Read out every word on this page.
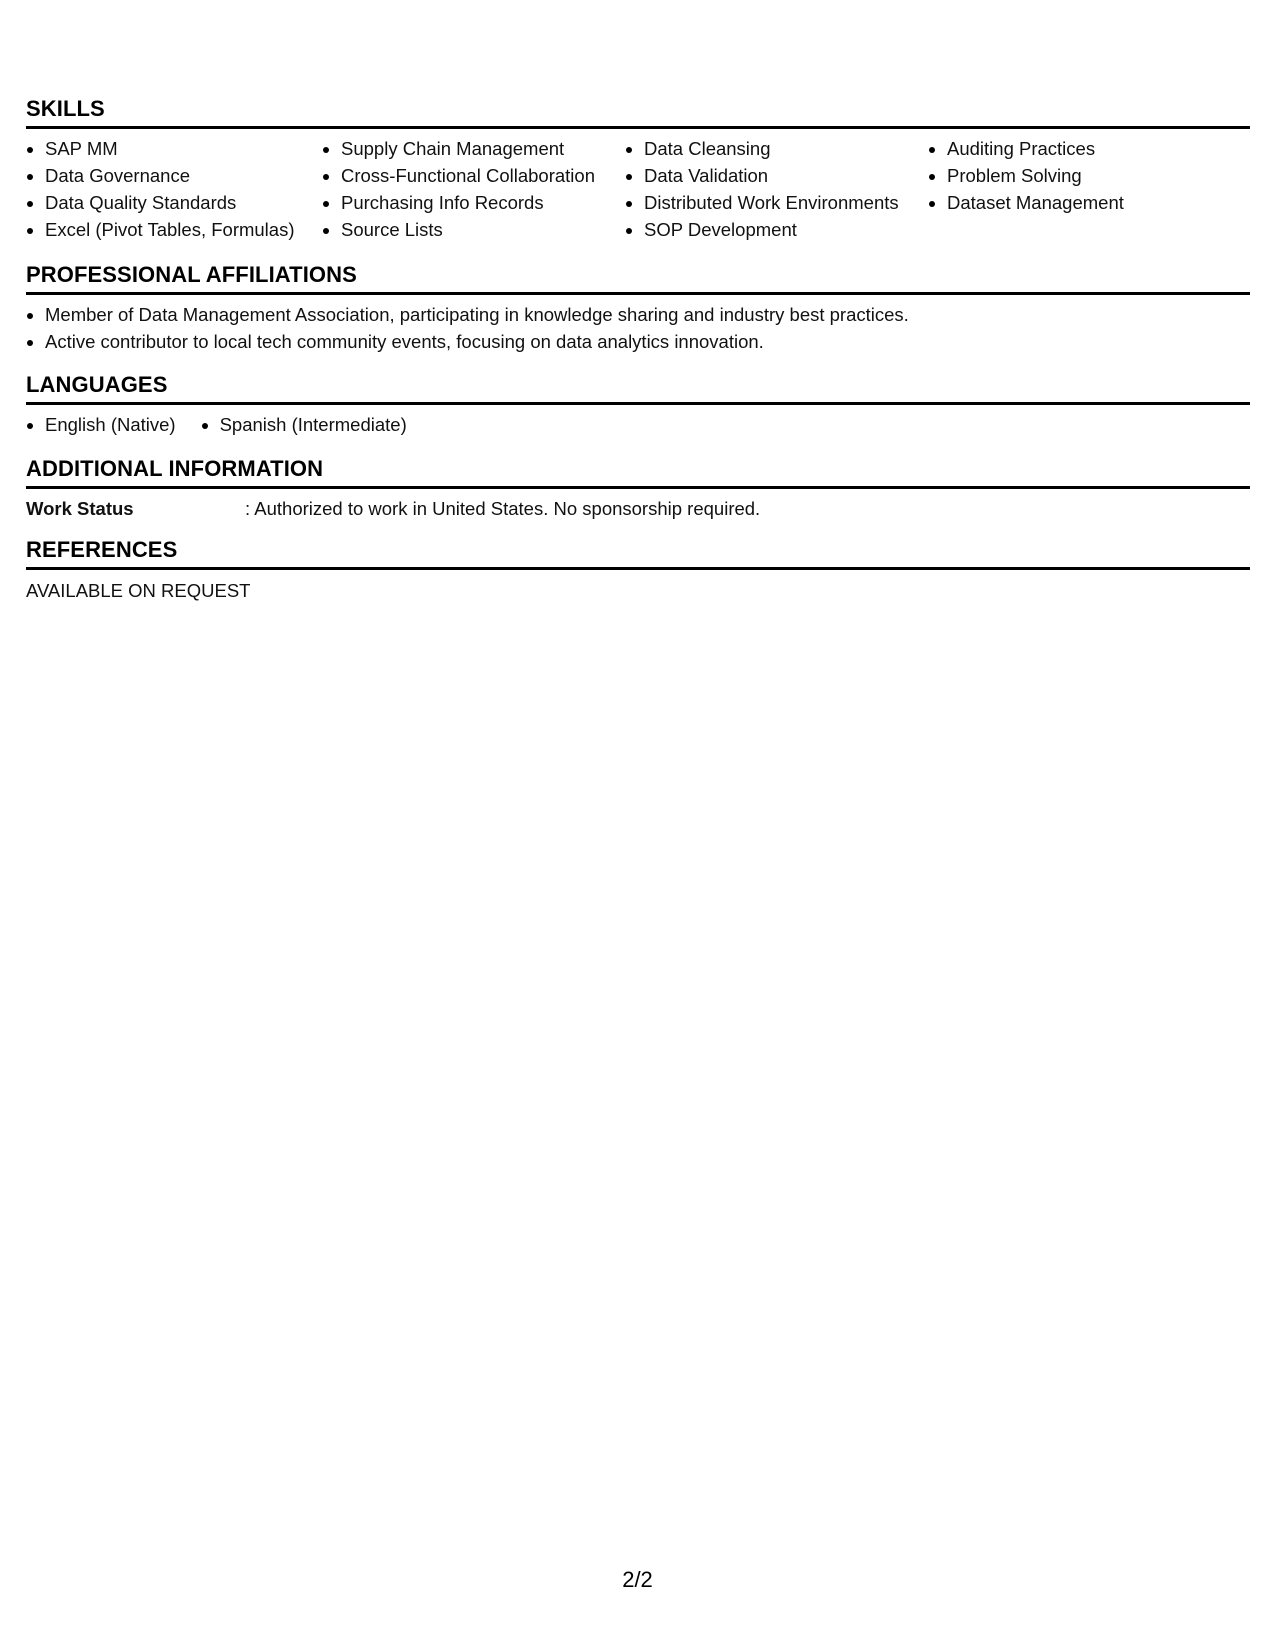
SKILLS
SAP MM
Data Governance
Data Quality Standards
Excel (Pivot Tables, Formulas)
Supply Chain Management
Cross-Functional Collaboration
Purchasing Info Records
Source Lists
Data Cleansing
Data Validation
Distributed Work Environments
SOP Development
Auditing Practices
Problem Solving
Dataset Management
PROFESSIONAL AFFILIATIONS
Member of Data Management Association, participating in knowledge sharing and industry best practices.
Active contributor to local tech community events, focusing on data analytics innovation.
LANGUAGES
English (Native)	Spanish (Intermediate)
ADDITIONAL INFORMATION
Work Status	: Authorized to work in United States. No sponsorship required.
REFERENCES
AVAILABLE ON REQUEST
2/2
